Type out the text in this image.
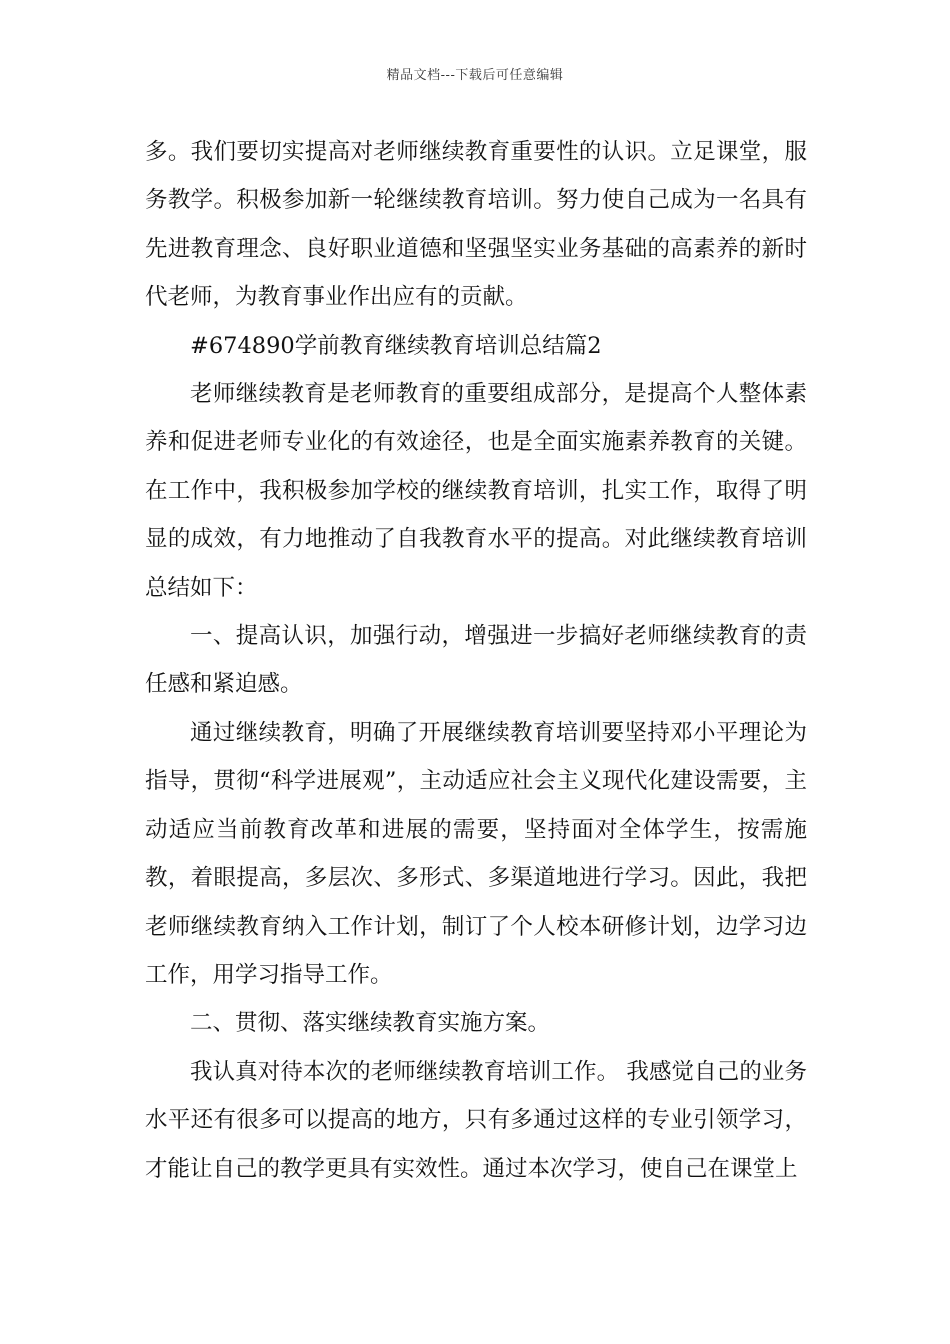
精品文档---下载后可任意编辑

多。我们要切实提高对老师继续教育重要性的认识。立足课堂，服务教学。积极参加新一轮继续教育培训。努力使自己成为一名具有先进教育理念、良好职业道德和坚强坚实业务基础的高素养的新时代老师，为教育事业作出应有的贡献。

#674890学前教育继续教育培训总结篇2

老师继续教育是老师教育的重要组成部分，是提高个人整体素养和促进老师专业化的有效途径，也是全面实施素养教育的关键。在工作中，我积极参加学校的继续教育培训，扎实工作，取得了明显的成效，有力地推动了自我教育水平的提高。对此继续教育培训总结如下：

一、提高认识，加强行动，增强进一步搞好老师继续教育的责任感和紧迫感。

通过继续教育，明确了开展继续教育培训要坚持邓小平理论为指导，贯彻“科学进展观”，主动适应社会主义现代化建设需要，主动适应当前教育改革和进展的需要，坚持面对全体学生，按需施教，着眼提高，多层次、多形式、多渠道地进行学习。因此，我把老师继续教育纳入工作计划，制订了个人校本研修计划，边学习边工作，用学习指导工作。

二、贯彻、落实继续教育实施方案。

我认真对待本次的老师继续教育培训工作。 我感觉自己的业务水平还有很多可以提高的地方，只有多通过这样的专业引领学习，才能让自己的教学更具有实效性。通过本次学习，使自己在课堂上
